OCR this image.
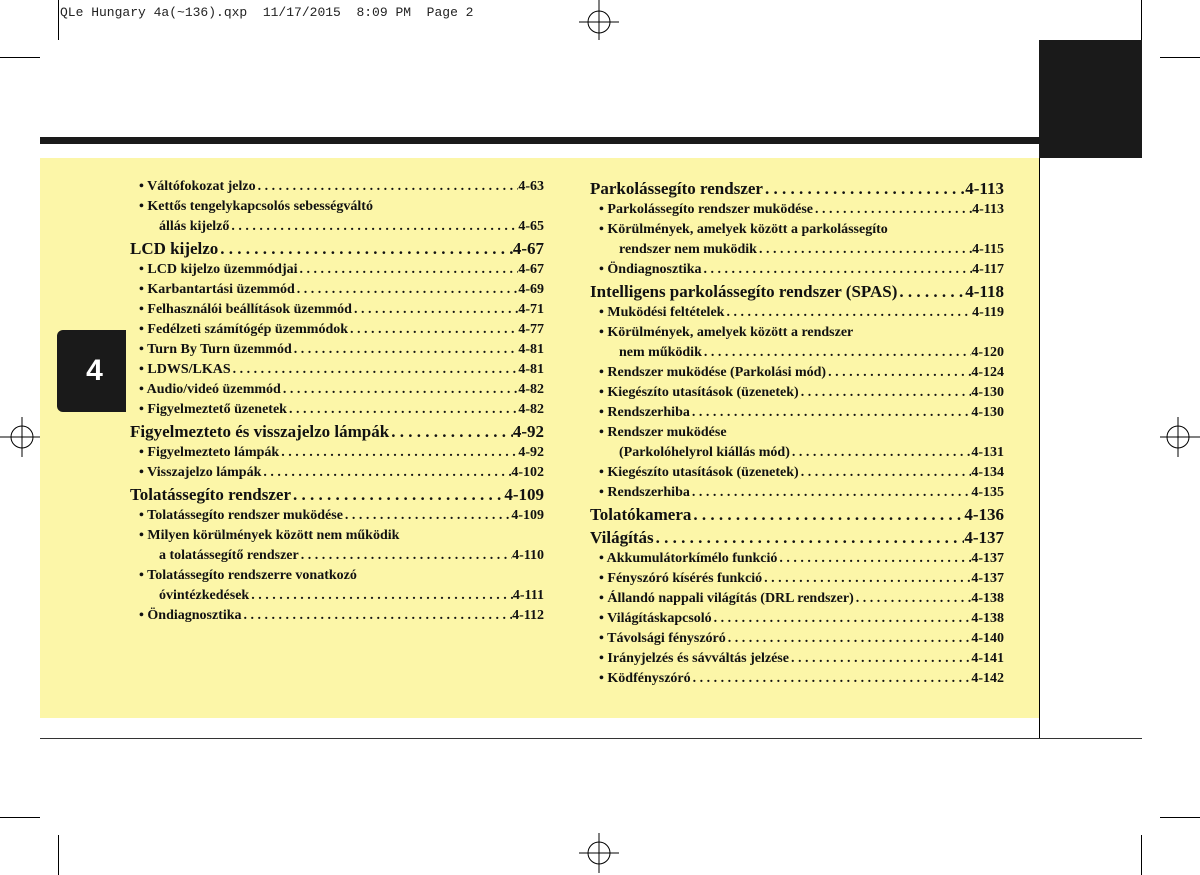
QLe Hungary 4a(~136).qxp  11/17/2015  8:09 PM  Page 2
4
• Váltófokozat jelzo . . .	4-63
• Kettős tengelykapcsolós sebességváltó
állás kijelző . . .	4-65
LCD kijelzo . . .	4-67
• LCD kijelzo üzemmódjai . . .	4-67
• Karbantartási üzemmód . . .	4-69
• Felhasználói beállítások üzemmód . . .	4-71
• Fedélzeti számítógép üzemmódok . . .	4-77
• Turn By Turn üzemmód . . .	4-81
• LDWS/LKAS . . .	4-81
• Audio/videó üzemmód . . .	4-82
• Figyelmeztető üzenetek . . .	4-82
Figyelmezteto és visszajelzo lámpák . . .	4-92
• Figyelmezteto lámpák . . .	4-92
• Visszajelzo lámpák . . .	4-102
Tolatássegíto rendszer . . .	4-109
• Tolatássegíto rendszer muködése . . .	4-109
• Milyen körülmények között nem működik
a tolatássegítő rendszer . . .	4-110
• Tolatássegíto rendszerre vonatkozó
óvintézkedések . . .	4-111
• Öndiagnosztika . . .	4-112
Parkolássegíto rendszer . . .	4-113
• Parkolássegíto rendszer muködése . . .	4-113
• Körülmények, amelyek között a parkolássegíto
rendszer nem muködik . . .	4-115
• Öndiagnosztika . . .	4-117
Intelligens parkolássegíto rendszer (SPAS) . . .	4-118
• Muködési feltételek . . .	4-119
• Körülmények, amelyek között a rendszer
nem működik . . .	4-120
• Rendszer muködése (Parkolási mód) . . .	4-124
• Kiegészíto utasítások (üzenetek) . . .	4-130
• Rendszerhiba . . .	4-130
• Rendszer muködése
(Parkolóhelyrol kiállás mód) . . .	4-131
• Kiegészíto utasítások (üzenetek) . . .	4-134
• Rendszerhiba . . .	4-135
Tolatókamera . . .	4-136
Világítás . . .	4-137
• Akkumulátorkímélo funkció . . .	4-137
• Fényszóró kísérés funkció . . .	4-137
• Állandó nappali világítás (DRL rendszer) . . .	4-138
• Világításkapcsoló . . .	4-138
• Távolsági fényszóró . . .	4-140
• Irányjelzés és sávváltás jelzése . . .	4-141
• Ködfényszóró . . .	4-142
